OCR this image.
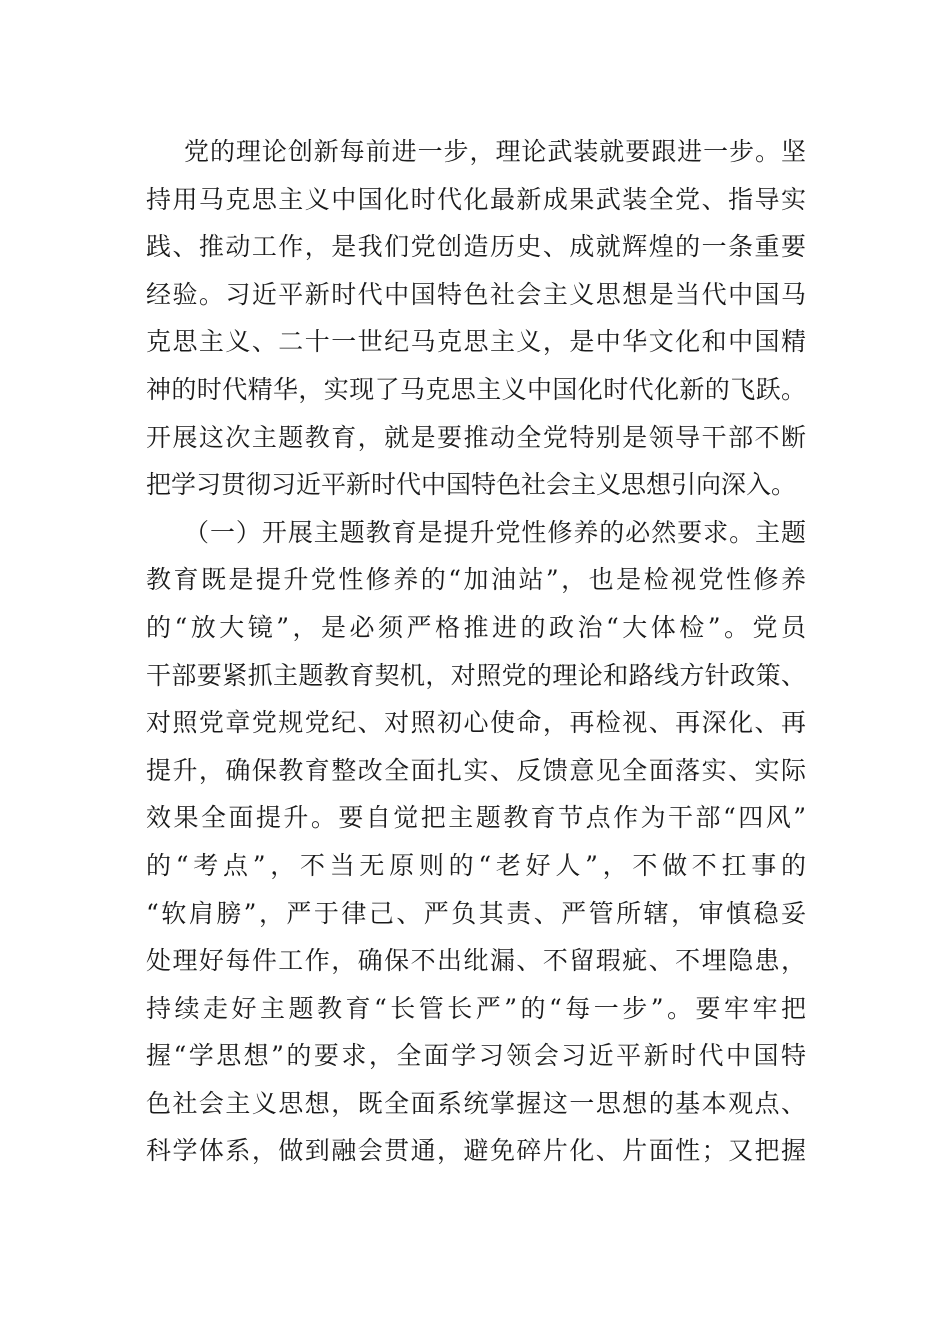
党的理论创新每前进一步，理论武装就要跟进一步。坚
持用马克思主义中国化时代化最新成果武装全党、指导实
践、推动工作，是我们党创造历史、成就辉煌的一条重要
经验。习近平新时代中国特色社会主义思想是当代中国马
克思主义、二十一世纪马克思主义，是中华文化和中国精
神的时代精华，实现了马克思主义中国化时代化新的飞跃。
开展这次主题教育，就是要推动全党特别是领导干部不断
把学习贯彻习近平新时代中国特色社会主义思想引向深入。
（一）开展主题教育是提升党性修养的必然要求。主题
教育既是提升党性修养的“加油站”，也是检视党性修养
的“放大镜”，是必须严格推进的政治“大体检”。党员
干部要紧抓主题教育契机，对照党的理论和路线方针政策、
对照党章党规党纪、对照初心使命，再检视、再深化、再
提升，确保教育整改全面扎实、反馈意见全面落实、实际
效果全面提升。要自觉把主题教育节点作为干部“四风”
的“考点”，不当无原则的“老好人”，不做不扛事的
“软肩膀”，严于律己、严负其责、严管所辖，审慎稳妥
处理好每件工作，确保不出纰漏、不留瑕疵、不埋隐患，
持续走好主题教育“长管长严”的“每一步”。要牢牢把
握“学思想”的要求，全面学习领会习近平新时代中国特
色社会主义思想，既全面系统掌握这一思想的基本观点、
科学体系，做到融会贯通，避免碎片化、片面性；又把握
